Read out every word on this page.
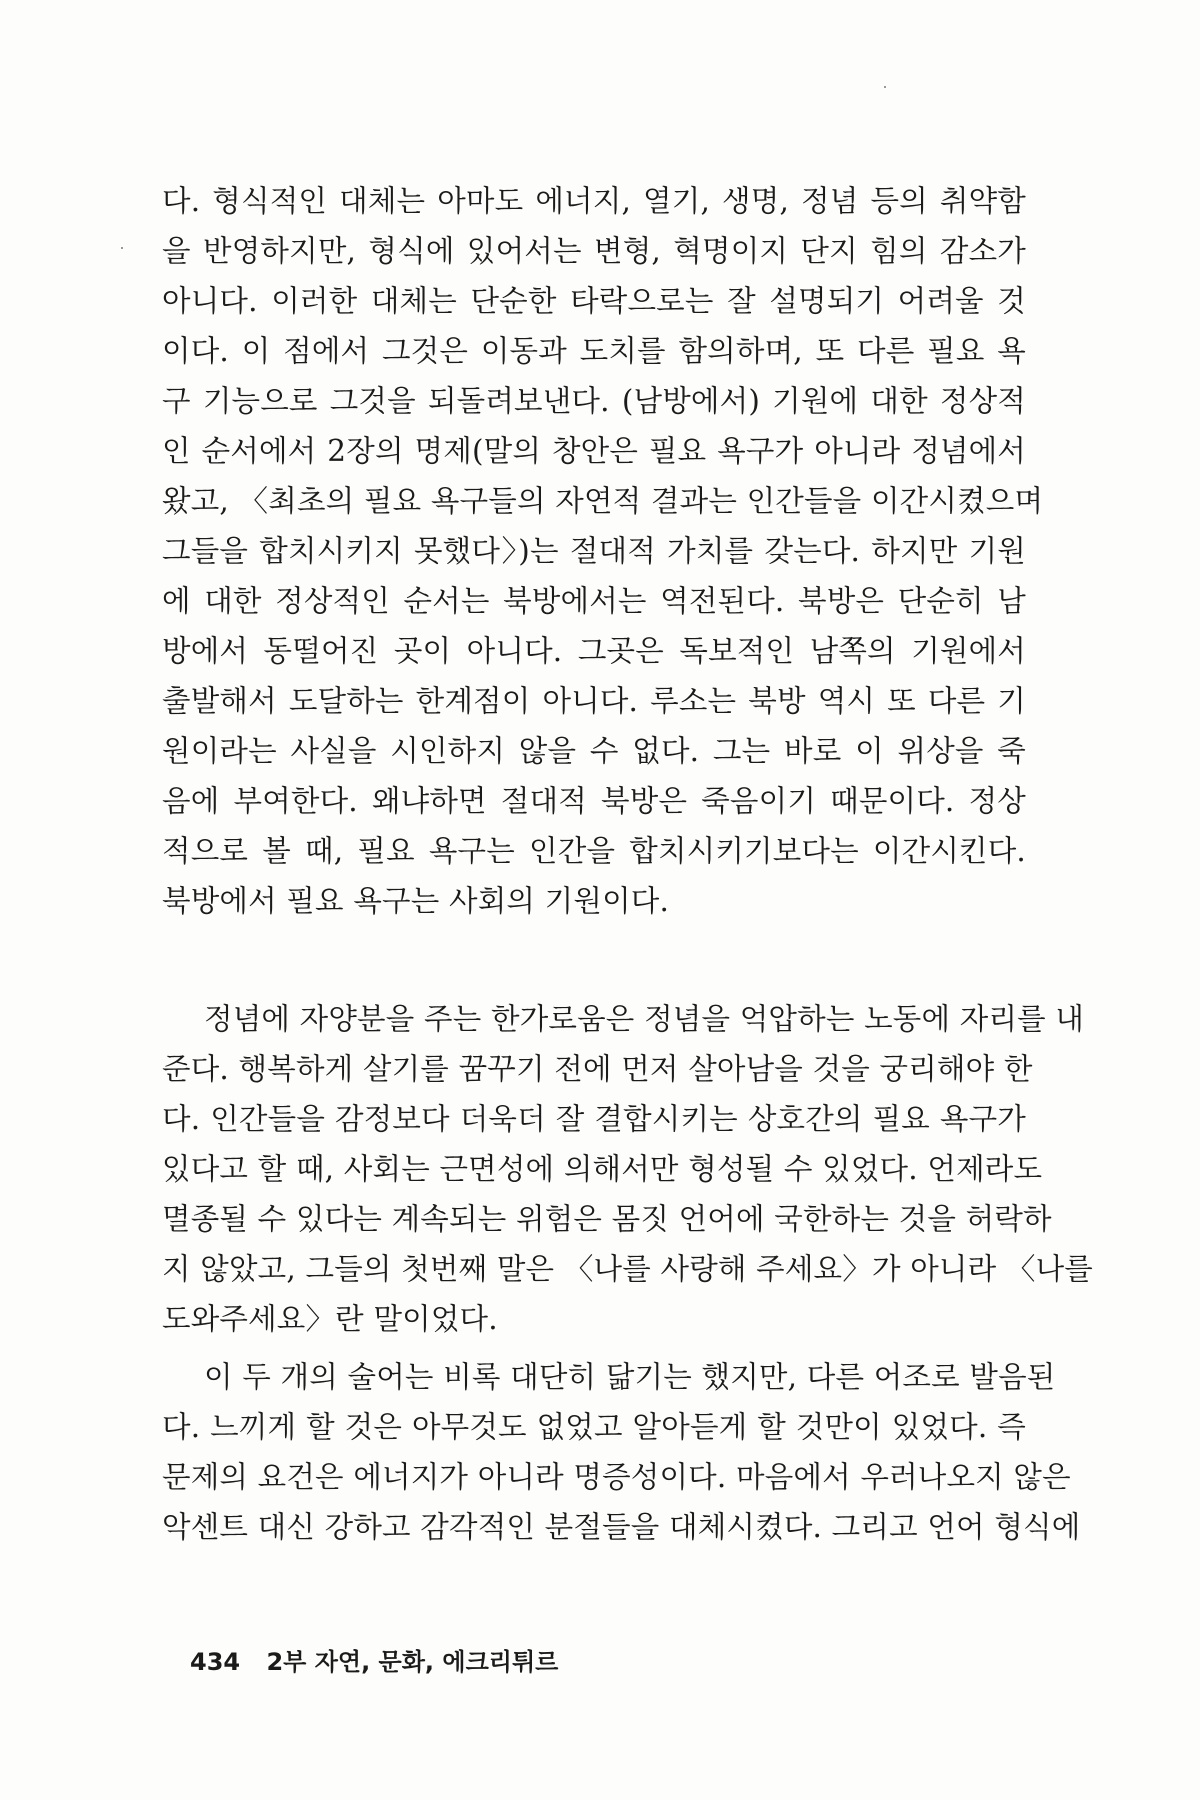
다. 형식적인 대체는 아마도 에너지, 열기, 생명, 정념 등의 취약함
을 반영하지만, 형식에 있어서는 변형, 혁명이지 단지 힘의 감소가
아니다. 이러한 대체는 단순한 타락으로는 잘 설명되기 어려울 것
이다. 이 점에서 그것은 이동과 도치를 함의하며, 또 다른 필요 욕
구 기능으로 그것을 되돌려보낸다. (남방에서) 기원에 대한 정상적
인 순서에서 2장의 명제(말의 창안은 필요 욕구가 아니라 정념에서
왔고, 〈최초의 필요 욕구들의 자연적 결과는 인간들을 이간시켰으며
그들을 합치시키지 못했다〉)는 절대적 가치를 갖는다. 하지만 기원
에 대한 정상적인 순서는 북방에서는 역전된다. 북방은 단순히 남
방에서 동떨어진 곳이 아니다. 그곳은 독보적인 남쪽의 기원에서
출발해서 도달하는 한계점이 아니다. 루소는 북방 역시 또 다른 기
원이라는 사실을 시인하지 않을 수 없다. 그는 바로 이 위상을 죽
음에 부여한다. 왜냐하면 절대적 북방은 죽음이기 때문이다. 정상
적으로 볼 때, 필요 욕구는 인간을 합치시키기보다는 이간시킨다.
북방에서 필요 욕구는 사회의 기원이다.
정념에 자양분을 주는 한가로움은 정념을 억압하는 노동에 자리를 내
준다. 행복하게 살기를 꿈꾸기 전에 먼저 살아남을 것을 궁리해야 한
다. 인간들을 감정보다 더욱더 잘 결합시키는 상호간의 필요 욕구가
있다고 할 때, 사회는 근면성에 의해서만 형성될 수 있었다. 언제라도
멸종될 수 있다는 계속되는 위험은 몸짓 언어에 국한하는 것을 허락하
지 않았고, 그들의 첫번째 말은 〈나를 사랑해 주세요〉가 아니라 〈나를
도와주세요〉란 말이었다.
이 두 개의 술어는 비록 대단히 닮기는 했지만, 다른 어조로 발음된
다. 느끼게 할 것은 아무것도 없었고 알아듣게 할 것만이 있었다. 즉
문제의 요건은 에너지가 아니라 명증성이다. 마음에서 우러나오지 않은
악센트 대신 강하고 감각적인 분절들을 대체시켰다. 그리고 언어 형식에
434 2부 자연, 문화, 에크리튀르
